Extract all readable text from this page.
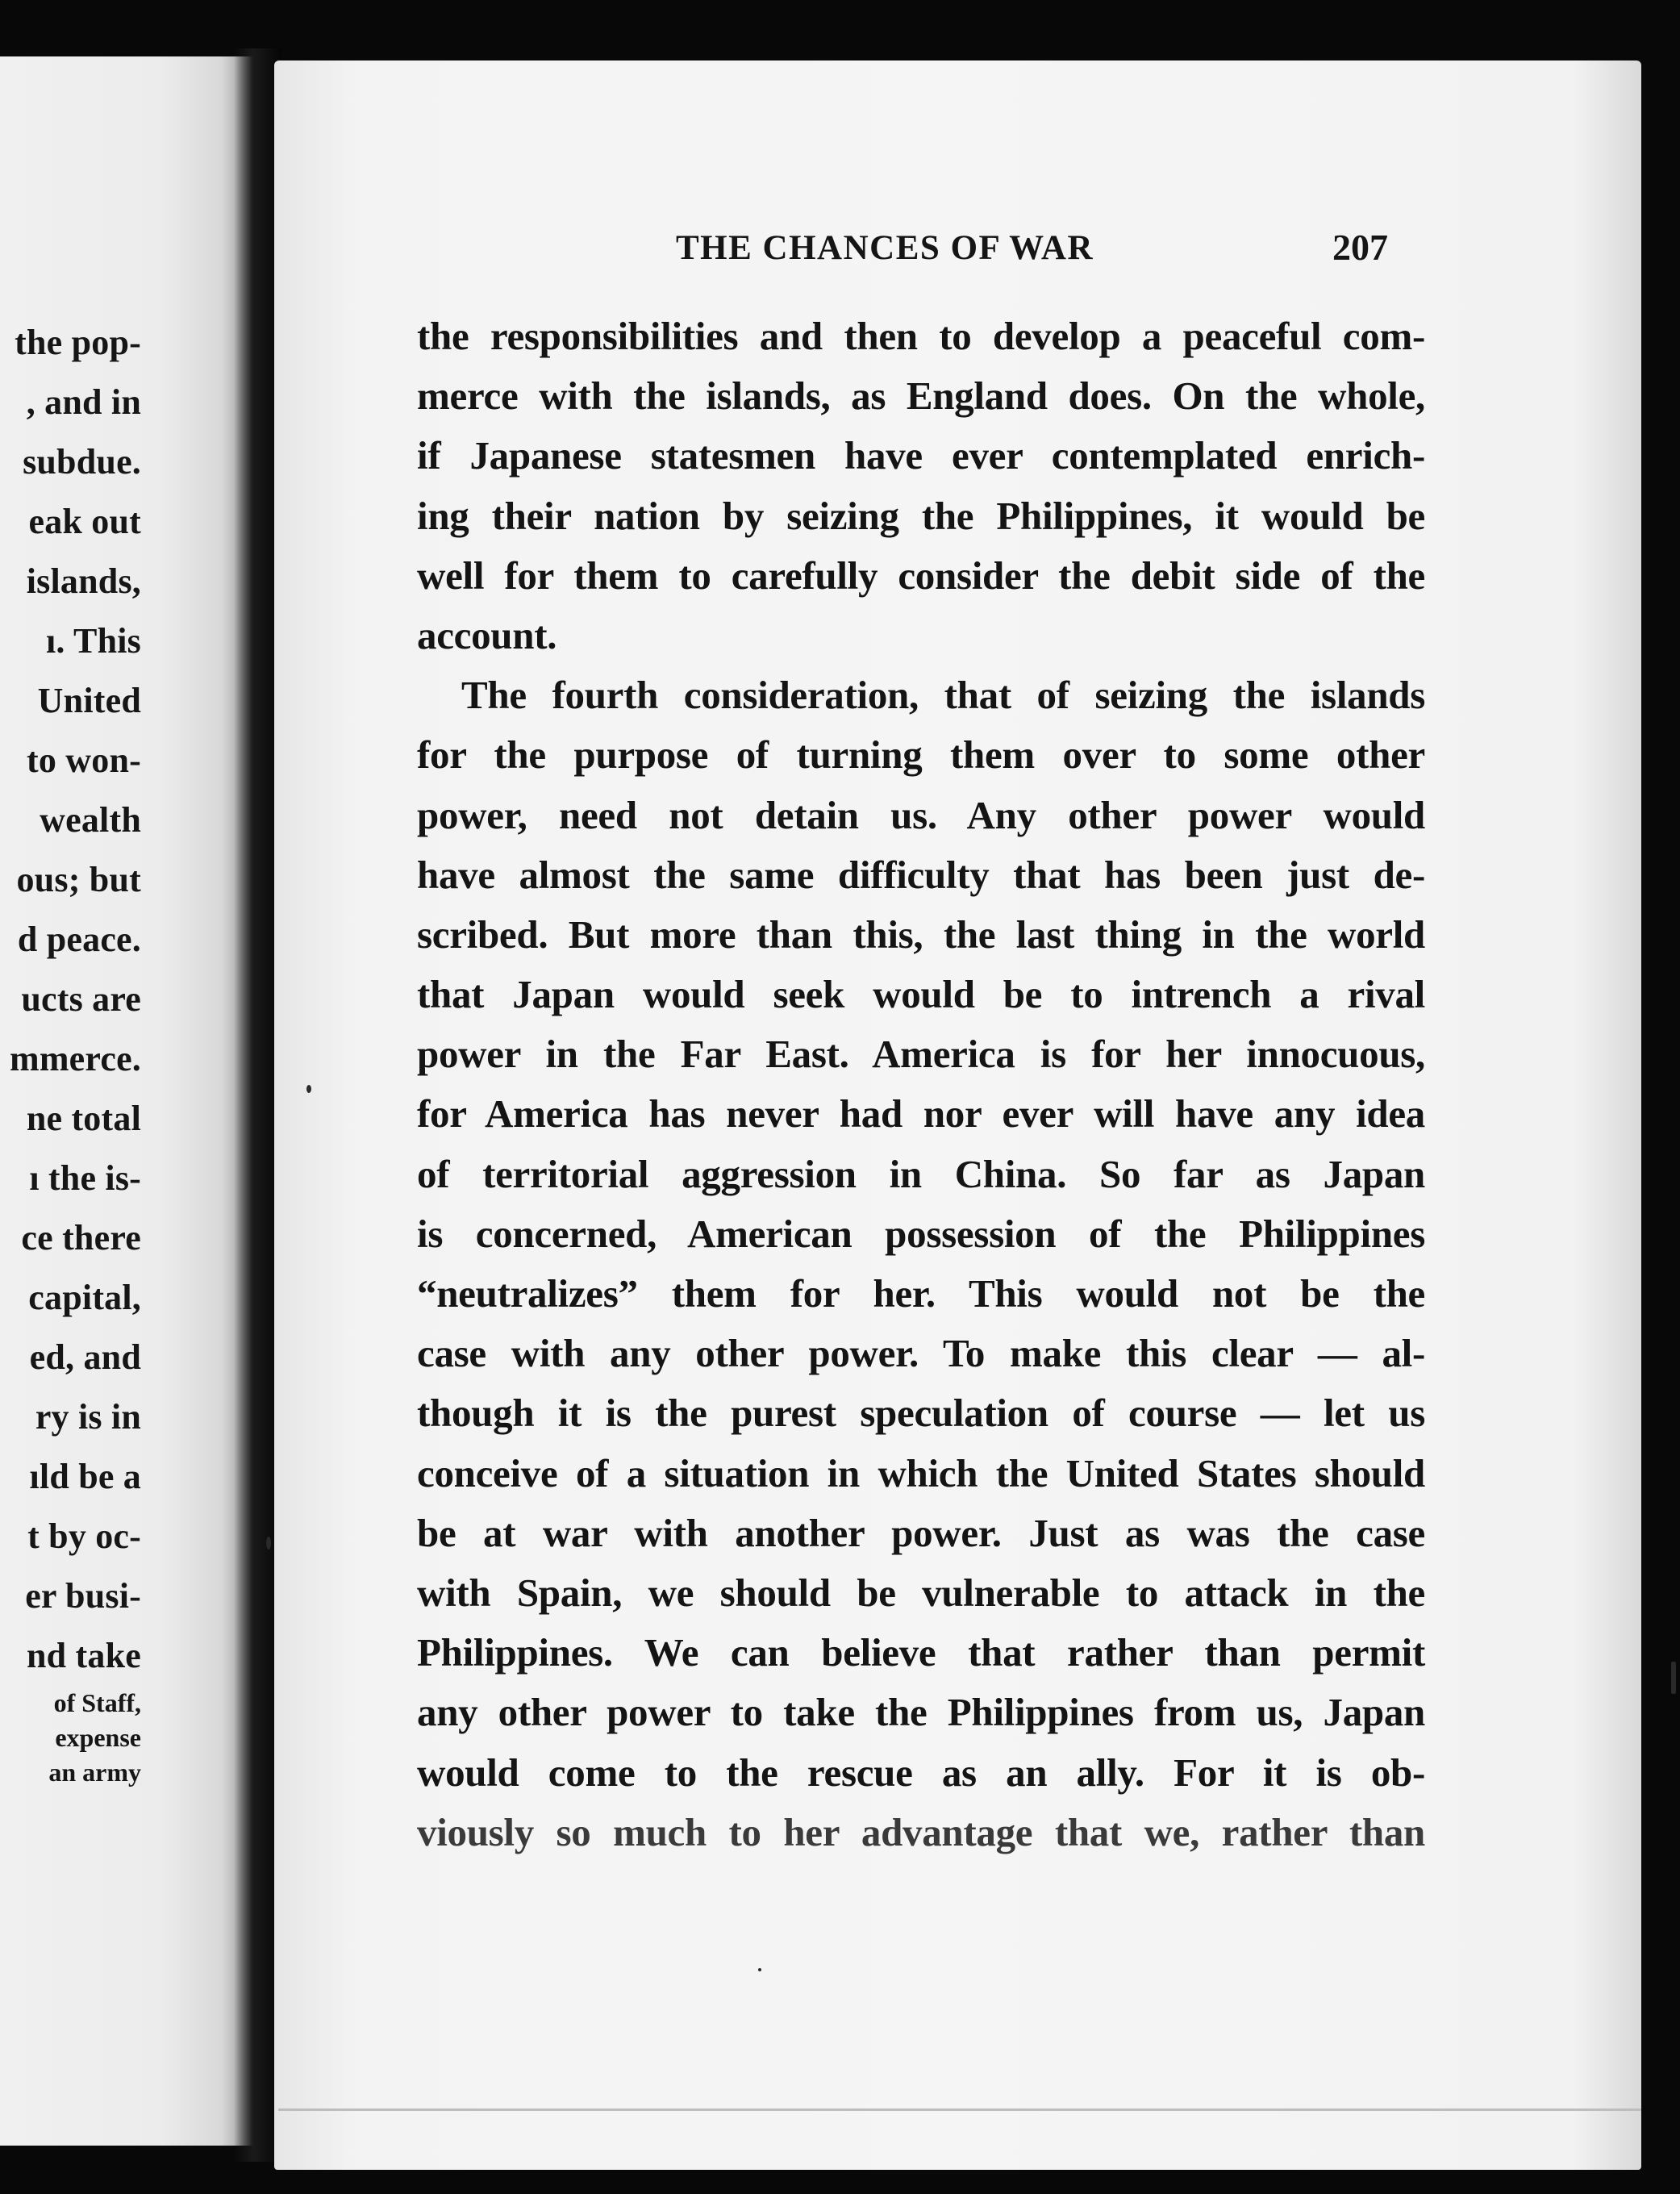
the pop-
, and in
subdue.
eak out
islands,
ı. This
United
to won-
wealth
ous; but
d peace.
ucts are
mmerce.
ne total
ı the is-
ce there
capital,
ed, and
ry is in
ıld be a
t by oc-
er busi-
nd take
of Staff,
expense
an army
THE CHANCES OF WAR	207
the responsibilities and then to develop a peaceful com-
merce with the islands, as England does. On the whole,
if Japanese statesmen have ever contemplated enrich-
ing their nation by seizing the Philippines, it would be
well for them to carefully consider the debit side of the
account.
The fourth consideration, that of seizing the islands
for the purpose of turning them over to some other
power, need not detain us. Any other power would
have almost the same difficulty that has been just de-
scribed. But more than this, the last thing in the world
that Japan would seek would be to intrench a rival
power in the Far East. America is for her innocuous,
for America has never had nor ever will have any idea
of territorial aggression in China. So far as Japan
is concerned, American possession of the Philippines
“neutralizes” them for her. This would not be the
case with any other power. To make this clear — al-
though it is the purest speculation of course — let us
conceive of a situation in which the United States should
be at war with another power. Just as was the case
with Spain, we should be vulnerable to attack in the
Philippines. We can believe that rather than permit
any other power to take the Philippines from us, Japan
would come to the rescue as an ally. For it is ob-
viously so much to her advantage that we, rather than
